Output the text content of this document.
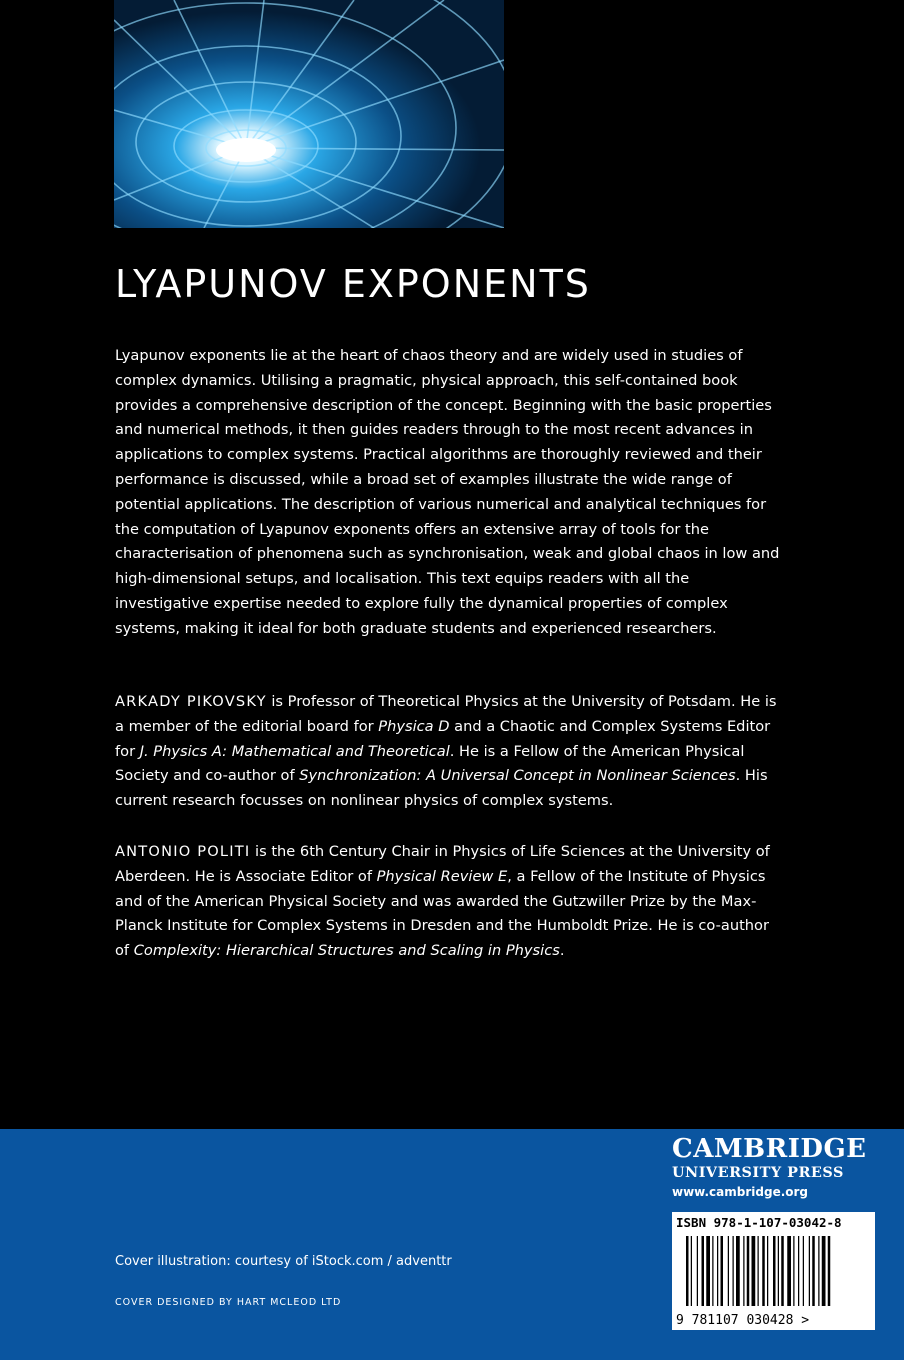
LYAPUNOV EXPONENTS

Lyapunov exponents lie at the heart of chaos theory and are widely used in studies of complex dynamics. Utilising a pragmatic, physical approach, this self-contained book provides a comprehensive description of the concept. Beginning with the basic properties and numerical methods, it then guides readers through to the most recent advances in applications to complex systems. Practical algorithms are thoroughly reviewed and their performance is discussed, while a broad set of examples illustrate the wide range of potential applications. The description of various numerical and analytical techniques for the computation of Lyapunov exponents offers an extensive array of tools for the characterisation of phenomena such as synchronisation, weak and global chaos in low and high-dimensional setups, and localisation. This text equips readers with all the investigative expertise needed to explore fully the dynamical properties of complex systems, making it ideal for both graduate students and experienced researchers.

ARKADY PIKOVSKY is Professor of Theoretical Physics at the University of Potsdam. He is a member of the editorial board for Physica D and a Chaotic and Complex Systems Editor for J. Physics A: Mathematical and Theoretical. He is a Fellow of the American Physical Society and co-author of Synchronization: A Universal Concept in Nonlinear Sciences. His current research focusses on nonlinear physics of complex systems.

ANTONIO POLITI is the 6th Century Chair in Physics of Life Sciences at the University of Aberdeen. He is Associate Editor of Physical Review E, a Fellow of the Institute of Physics and of the American Physical Society and was awarded the Gutzwiller Prize by the Max-Planck Institute for Complex Systems in Dresden and the Humboldt Prize. He is co-author of Complexity: Hierarchical Structures and Scaling in Physics.

Cover illustration: courtesy of iStock.com / adventtr
COVER DESIGNED BY HART MCLEOD LTD
CAMBRIDGE
UNIVERSITY PRESS
www.cambridge.org
ISBN 978-1-107-03042-8
9 781107 030428 >
